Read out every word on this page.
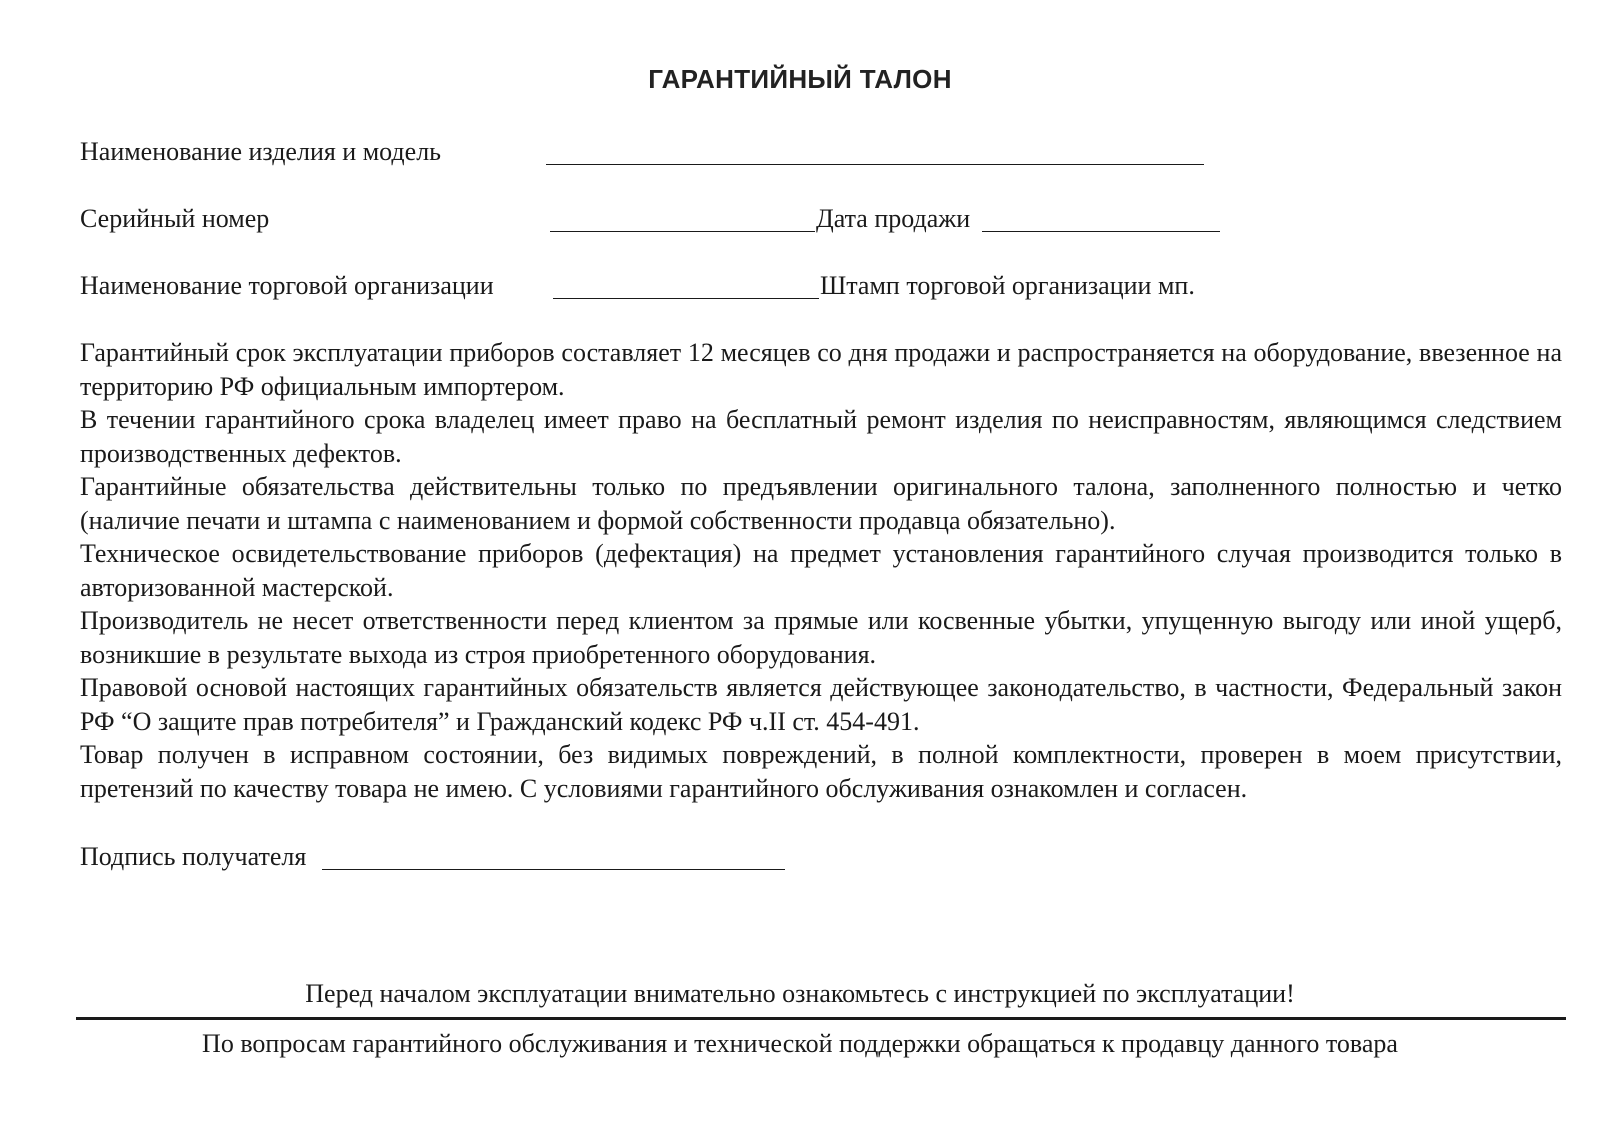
ГАРАНТИЙНЫЙ ТАЛОН
Наименование изделия и модель
Серийный номер	Дата продажи
Наименование торговой организации	Штамп торговой организации мп.

Гарантийный срок эксплуатации приборов составляет 12 месяцев со дня продажи и распространяется на оборудование, ввезенное на территорию РФ официальным импортером.

В течении гарантийного срока владелец имеет право на бесплатный ремонт изделия по неисправностям, являющимся следствием производственных дефектов.

Гарантийные обязательства действительны только по предъявлении оригинального талона, заполненного полностью и четко (наличие печати и штампа с наименованием и формой собственности продавца обязательно).

Техническое освидетельствование приборов (дефектация) на предмет установления гарантийного случая производится только в авторизованной мастерской.

Производитель не несет ответственности перед клиентом за прямые или косвенные убытки, упущенную выгоду или иной ущерб, возникшие в результате выхода из строя приобретенного оборудования.

Правовой основой настоящих гарантийных обязательств является действующее законодательство, в частности, Федеральный закон РФ “О защите прав потребителя” и Гражданский кодекс РФ ч.II ст. 454-491.

Товар получен в исправном состоянии, без видимых повреждений, в полной комплектности, проверен в моем присутствии, претензий по качеству товара не имею. С условиями гарантийного обслуживания ознакомлен и согласен.

Подпись получателя
Перед началом эксплуатации внимательно ознакомьтесь с инструкцией по эксплуатации!
По вопросам гарантийного обслуживания и технической поддержки обращаться к продавцу данного товара
